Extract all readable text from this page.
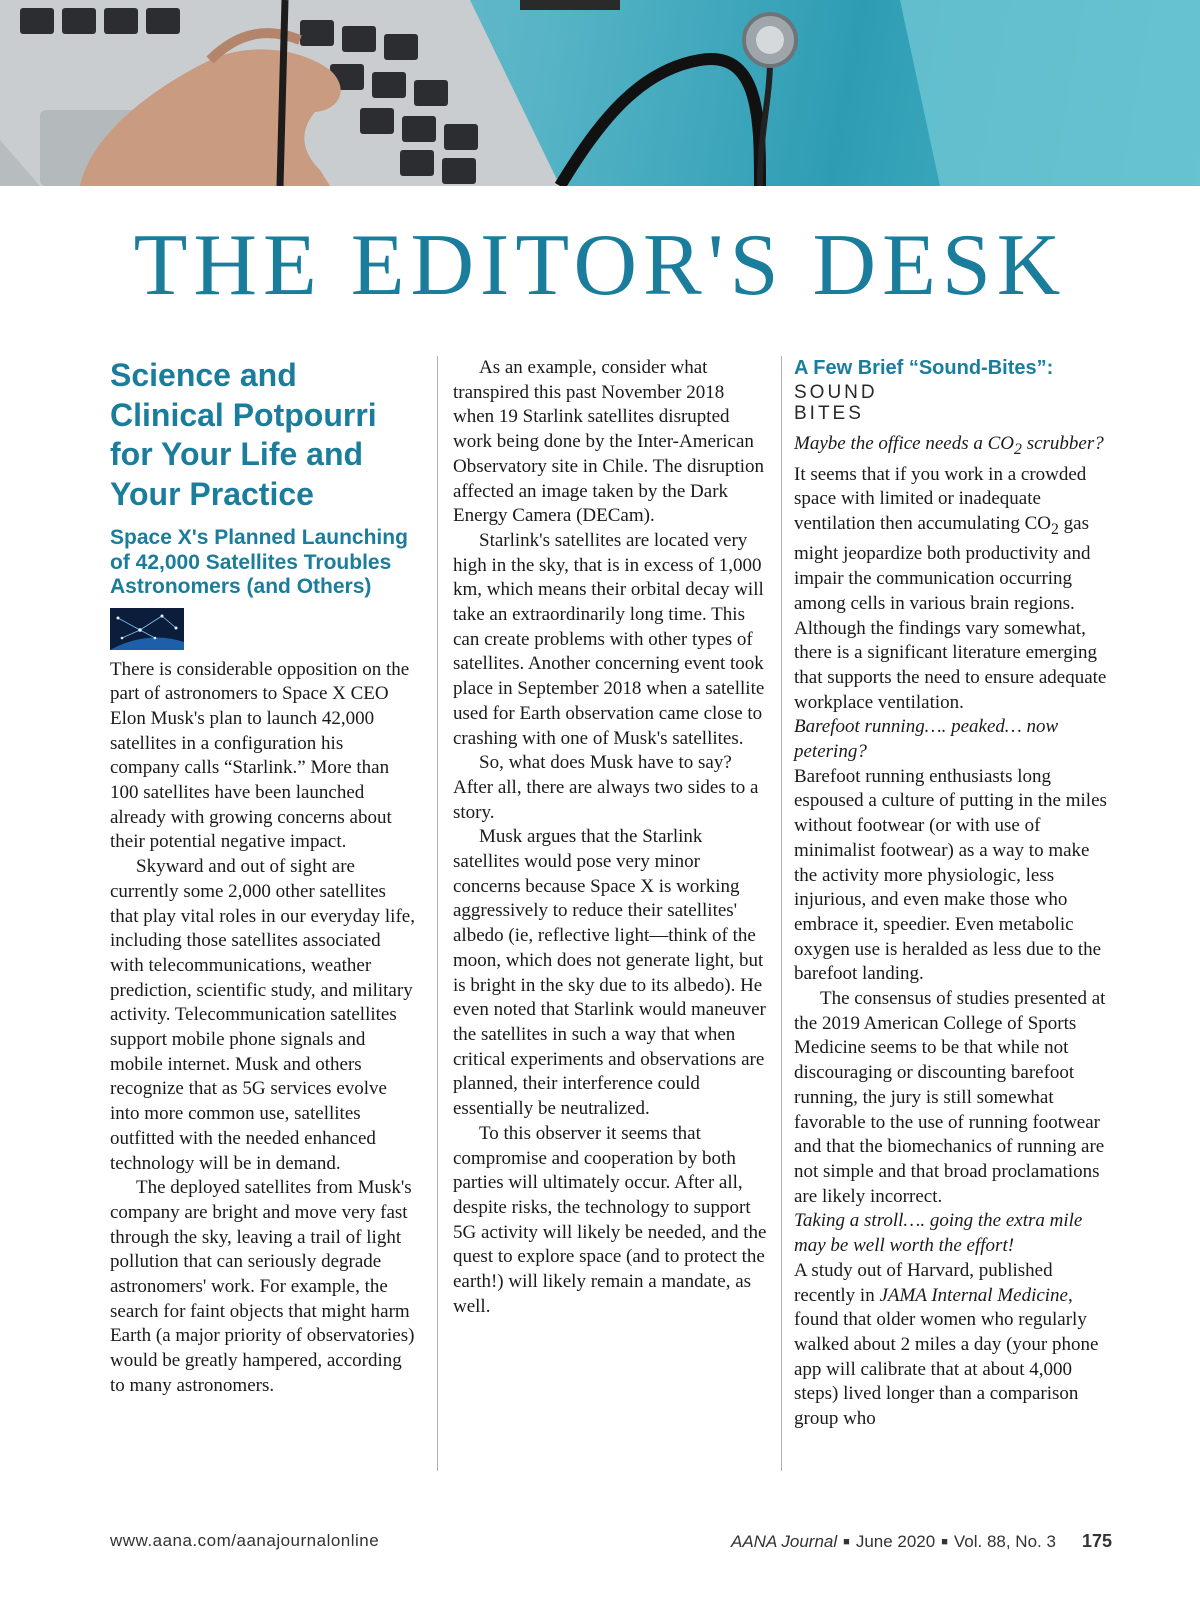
THE EDITOR'S DESK
Science and Clinical Potpourri for Your Life and Your Practice
Space X's Planned Launching of 42,000 Satellites Troubles Astronomers (and Others)

There is considerable opposition on the part of astronomers to Space X CEO Elon Musk's plan to launch 42,000 satellites in a configuration his company calls “Starlink.” More than 100 satellites have been launched already with growing concerns about their potential negative impact.

Skyward and out of sight are currently some 2,000 other satellites that play vital roles in our everyday life, including those satellites associated with telecommunications, weather prediction, scientific study, and military activity. Telecommunication satellites support mobile phone signals and mobile internet. Musk and others recognize that as 5G services evolve into more common use, satellites outfitted with the needed enhanced technology will be in demand.

The deployed satellites from Musk's company are bright and move very fast through the sky, leaving a trail of light pollution that can seriously degrade astronomers' work. For example, the search for faint objects that might harm Earth (a major priority of observatories) would be greatly hampered, according to many astronomers.

As an example, consider what transpired this past November 2018 when 19 Starlink satellites disrupted work being done by the Inter-American Observatory site in Chile. The disruption affected an image taken by the Dark Energy Camera (DECam).

Starlink's satellites are located very high in the sky, that is in excess of 1,000 km, which means their orbital decay will take an extraordinarily long time. This can create problems with other types of satellites. Another concerning event took place in September 2018 when a satellite used for Earth observation came close to crashing with one of Musk's satellites.

So, what does Musk have to say? After all, there are always two sides to a story.

Musk argues that the Starlink satellites would pose very minor concerns because Space X is working aggressively to reduce their satellites' albedo (ie, reflective light—think of the moon, which does not generate light, but is bright in the sky due to its albedo). He even noted that Starlink would maneuver the satellites in such a way that when critical experiments and observations are planned, their interference could essentially be neutralized.

To this observer it seems that compromise and cooperation by both parties will ultimately occur. After all, despite risks, the technology to support 5G activity will likely be needed, and the quest to explore space (and to protect the earth!) will likely remain a mandate, as well.

A Few Brief “Sound-Bites”:
SOUND
BITES

Maybe the office needs a $CO_2$ scrubber?

It seems that if you work in a crowded space with limited or inadequate ventilation then accumulating $CO_2$ gas might jeopardize both productivity and impair the communication occurring among cells in various brain regions. Although the findings vary somewhat, there is a significant literature emerging that supports the need to ensure adequate workplace ventilation.

Barefoot running…. peaked… now petering?

Barefoot running enthusiasts long espoused a culture of putting in the miles without footwear (or with use of minimalist footwear) as a way to make the activity more physiologic, less injurious, and even make those who embrace it, speedier. Even metabolic oxygen use is heralded as less due to the barefoot landing.

The consensus of studies presented at the 2019 American College of Sports Medicine seems to be that while not discouraging or discounting barefoot running, the jury is still somewhat favorable to the use of running footwear and that the biomechanics of running are not simple and that broad proclamations are likely incorrect.

Taking a stroll…. going the extra mile may be well worth the effort!

A study out of Harvard, published recently in JAMA Internal Medicine, found that older women who regularly walked about 2 miles a day (your phone app will calibrate that at about 4,000 steps) lived longer than a comparison group who

www.aana.com/aanajournalonline	AANA Journal ■ June 2020 ■ Vol. 88, No. 3 175
